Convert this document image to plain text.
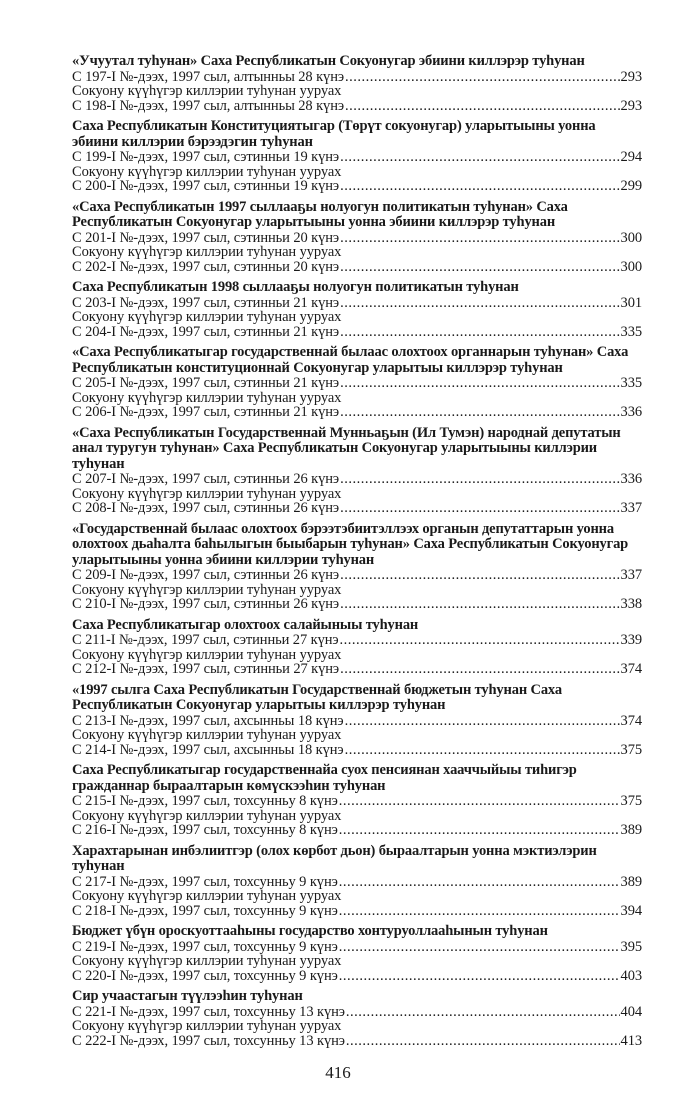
«Учуутал туһунан» Саха Республикатын Сокуонугар эбиини киллэрэр туһунан
С 197-I №-дээх, 1997 сыл, алтынньы 28 күнэ .....	293
Сокуону күүһүгэр киллэрии туһунан ууруах
С 198-I №-дээх, 1997 сыл, алтынньы 28 күнэ .....	293
Саха Республикатын Конституциятыгар (Төрүт сокуонугар) уларытыыны уонна эбиини киллэрии бэрээдэгин туһунан
С 199-I №-дээх, 1997 сыл, сэтинньи 19 күнэ .....	294
Сокуону күүһүгэр киллэрии туһунан ууруах
С 200-I №-дээх, 1997 сыл, сэтинньи 19 күнэ .....	299
«Саха Республикатын 1997 сыллааҕы нолуогун политикатын туһунан» Саха Республикатын Сокуонугар уларытыыны уонна эбиини киллэрэр туһунан
С 201-I №-дээх, 1997 сыл, сэтинньи 20 күнэ .....	300
Сокуону күүһүгэр киллэрии туһунан ууруах
С 202-I №-дээх, 1997 сыл, сэтинньи 20 күнэ .....	300
Саха Республикатын 1998 сыллааҕы нолуогун политикатын туһунан
С 203-I №-дээх, 1997 сыл, сэтинньи 21 күнэ .....	301
Сокуону күүһүгэр киллэрии туһунан ууруах
С 204-I №-дээх, 1997 сыл, сэтинньи 21 күнэ .....	335
«Саха Республикатыгар государственнай былаас олохтоох органнарын туһунан» Саха Республикатын конституционнай Сокуонугар уларытыы киллэрэр туһунан
С 205-I №-дээх, 1997 сыл, сэтинньи 21 күнэ .....	335
Сокуону күүһүгэр киллэрии туһунан ууруах
С 206-I №-дээх, 1997 сыл, сэтинньи 21 күнэ .....	336
«Саха Республикатын Государственнай Мунньаҕын (Ил Тумэн) народнай депутатын анал туругун туһунан» Саха Республикатын Сокуонугар уларытыыны киллэрии туһунан
С 207-I №-дээх, 1997 сыл, сэтинньи 26 күнэ .....	336
Сокуону күүһүгэр киллэрии туһунан ууруах
С 208-I №-дээх, 1997 сыл, сэтинньи 26 күнэ .....	337
«Государственнай былаас олохтоох бэрээтэбиитэллээх органын депутаттарын уонна олохтоох дьаһалта баһылыгын быыбарын туһунан» Саха Республикатын Сокуонугар уларытыыны уонна эбиини киллэрии туһунан
С 209-I №-дээх, 1997 сыл, сэтинньи 26 күнэ .....	337
Сокуону күүһүгэр киллэрии туһунан ууруах
С 210-I №-дээх, 1997 сыл, сэтинньи 26 күнэ .....	338
Саха Республикатыгар олохтоох салайыныы туһунан
С 211-I №-дээх, 1997 сыл, сэтинньи 27 күнэ .....	339
Сокуону күүһүгэр киллэрии туһунан ууруах
С 212-I №-дээх, 1997 сыл, сэтинньи 27 күнэ .....	374
«1997 сылга Саха Республикатын Государственнай бюджетын туһунан Саха Республикатын Сокуонугар уларытыы киллэрэр туһунан
С 213-I №-дээх, 1997 сыл, ахсынньы 18 күнэ .....	374
Сокуону күүһүгэр киллэрии туһунан ууруах
С 214-I №-дээх, 1997 сыл, ахсынньы 18 күнэ .....	375
Саха Республикатыгар государственнайа суох пенсиянан хааччыйыы тиһигэр гражданнар быраалтарын көмүскээһин туһунан
С 215-I №-дээх, 1997 сыл, тохсунньу 8 күнэ .....	375
Сокуону күүһүгэр киллэрии туһунан ууруах
С 216-I №-дээх, 1997 сыл, тохсунньу 8 күнэ .....	389
Харахтарынан инбэлиитгэр (олох көрбот дьон) быраалтарын уонна мэктиэлэрин туһунан
С 217-I №-дээх, 1997 сыл, тохсунньу 9 күнэ .....	389
Сокуону күүһүгэр киллэрии туһунан ууруах
С 218-I №-дээх, 1997 сыл, тохсунньу 9 күнэ .....	394
Бюджет үбүн ороскуоттааһыны государство хонтуруоллааһынын туһунан
С 219-I №-дээх, 1997 сыл, тохсунньу 9 күнэ .....	395
Сокуону күүһүгэр киллэрии туһунан ууруах
С 220-I №-дээх, 1997 сыл, тохсунньу 9 күнэ .....	403
Сир учаастагын түүлээһин туһунан
С 221-I №-дээх, 1997 сыл, тохсунньу 13 күнэ .....	404
Сокуону күүһүгэр киллэрии туһунан ууруах
С 222-I №-дээх, 1997 сыл, тохсунньу 13 күнэ .....	413
416
